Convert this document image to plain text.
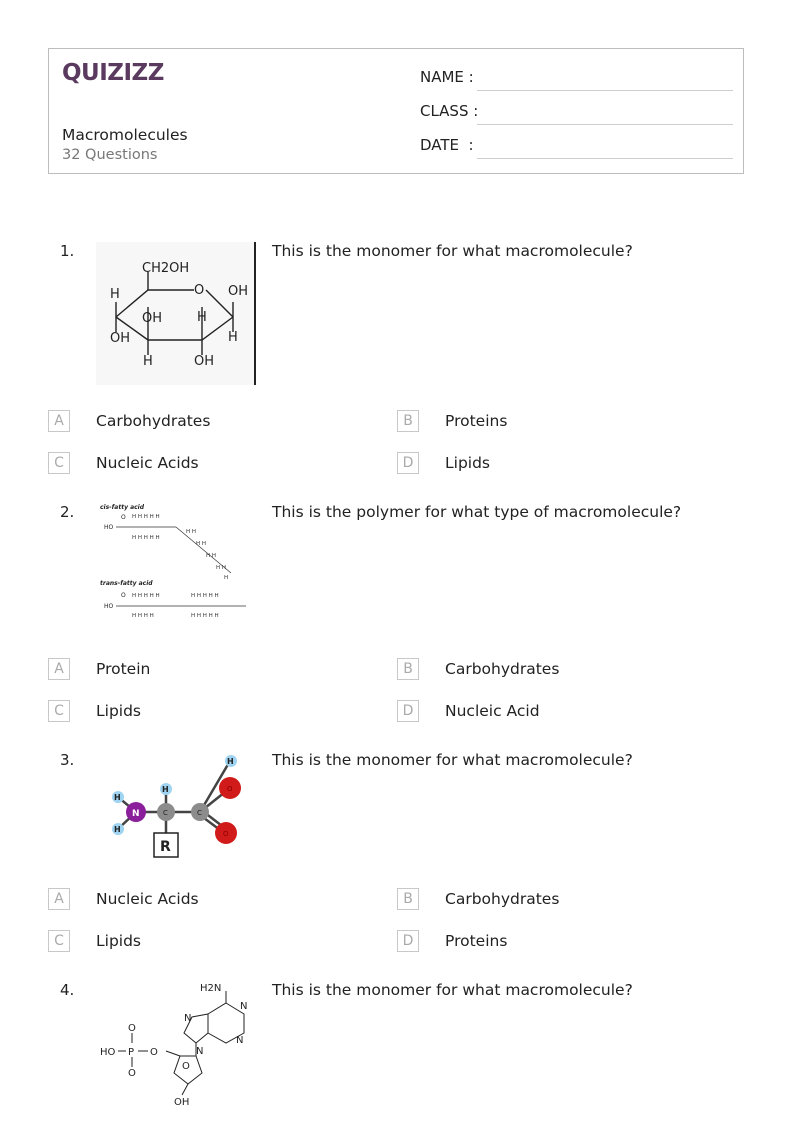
QUIZIZZ
Macromolecules
32 Questions
NAME :
CLASS :
DATE  :
1.
CH2OH
O OH
H
H
OH
H
H
OH
OH
This is the monomer for what macromolecule?
A	Carbohydrates	B	Proteins
C	Nucleic Acids	D	Lipids
2.	cis-fatty acid
trans-fatty acid
HO
O
HO
O
H H H H H
H H H H H
H H
H H
H H
H H
H
H H H H H
H H H H
H H H H H
H H H H H
This is the polymer for what type of macromolecule?
A	Protein	B	Carbohydrates
C	Lipids	D	Nucleic Acid
3.
H
H
N
H
C	C
H
O
O
R
This is the monomer for what macromolecule?
A	Nucleic Acids	B	Carbohydrates
C	Lipids	D	Proteins
4.	H2N
N
N
N
N
HO P
O
O
O
O
OH
This is the monomer for what macromolecule?
